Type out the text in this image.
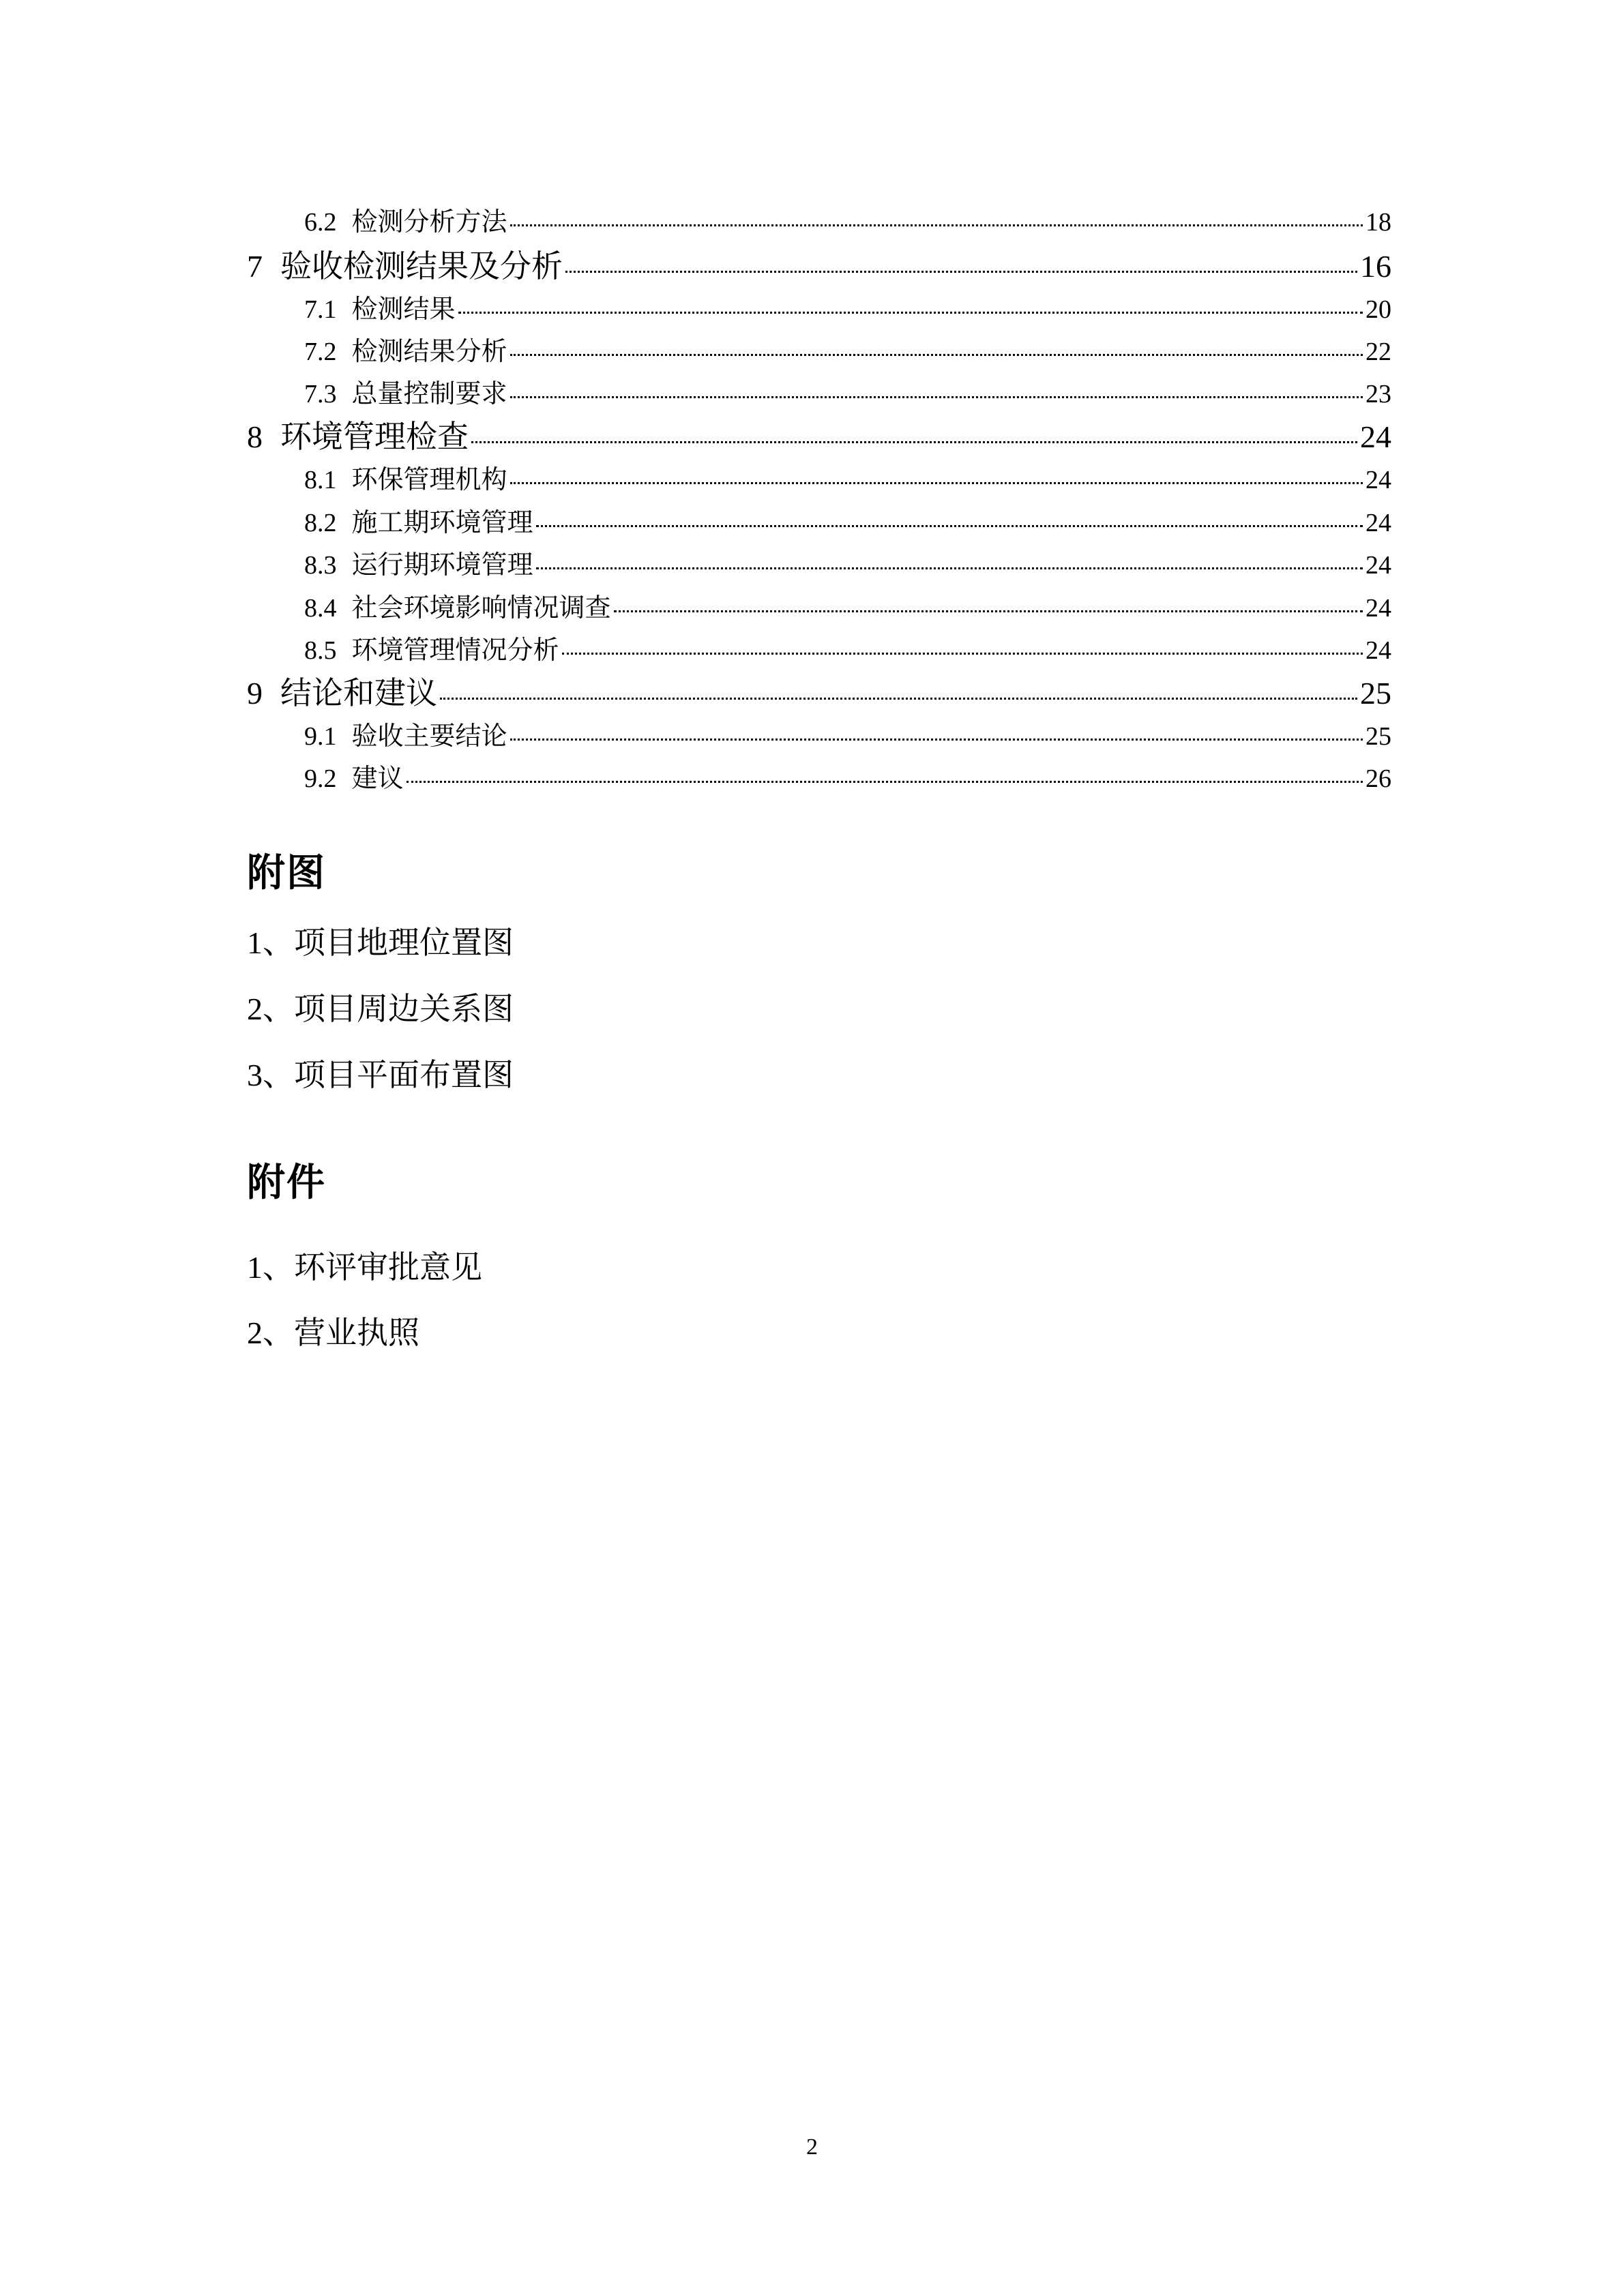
6.2 检测分析方法	18
7 验收检测结果及分析	16
7.1 检测结果	20
7.2 检测结果分析	22
7.3 总量控制要求	23
8 环境管理检查	24
8.1 环保管理机构	24
8.2 施工期环境管理	24
8.3 运行期环境管理	24
8.4 社会环境影响情况调查	24
8.5 环境管理情况分析	24
9 结论和建议	25
9.1 验收主要结论	25
9.2 建议	26
附图
1、项目地理位置图
2、项目周边关系图
3、项目平面布置图
附件
1、环评审批意见
2、营业执照
2
